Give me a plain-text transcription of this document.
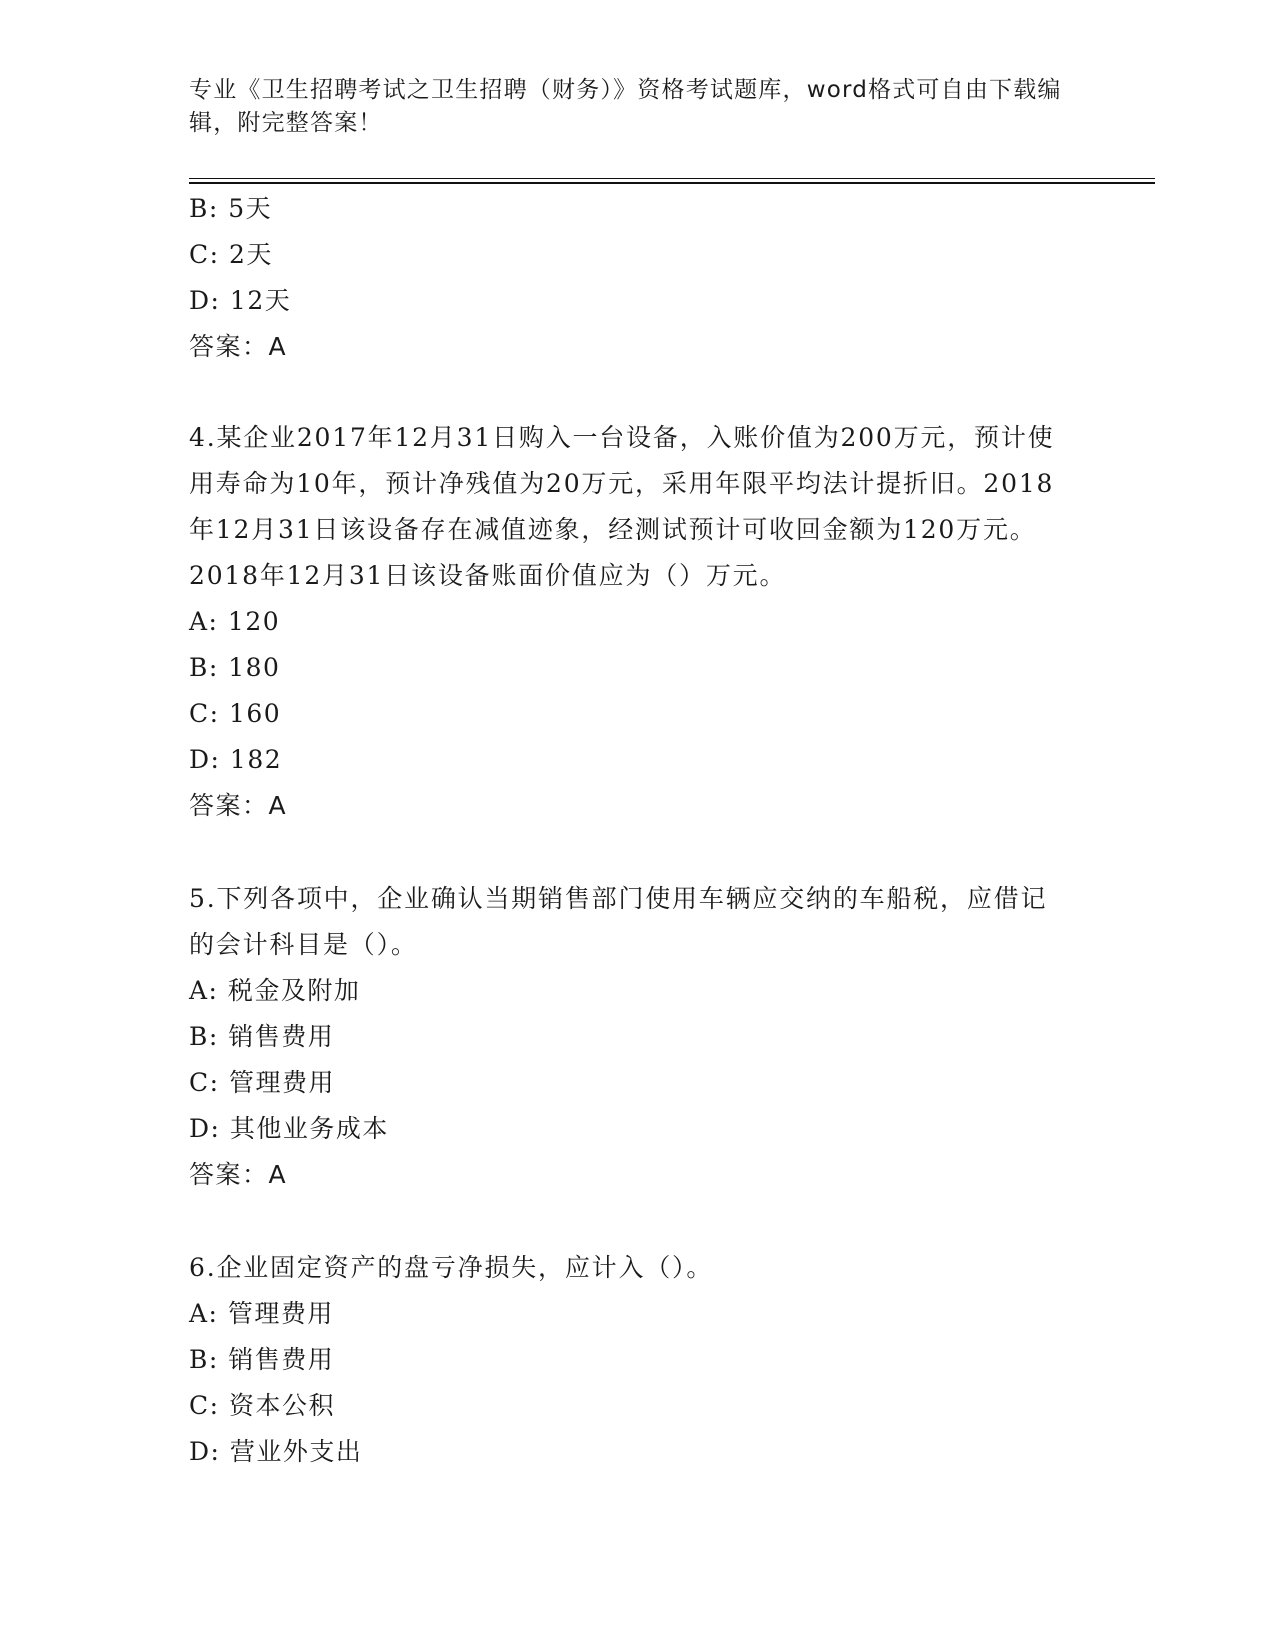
专业《卫生招聘考试之卫生招聘（财务）》资格考试题库，word格式可自由下载编辑，附完整答案！
B: 5天
C: 2天
D: 12天
答案：A
4.某企业2017年12月31日购入一台设备，入账价值为200万元，预计使用寿命为10年，预计净残值为20万元，采用年限平均法计提折旧。2018年12月31日该设备存在减值迹象，经测试预计可收回金额为120万元。2018年12月31日该设备账面价值应为（）万元。
A: 120
B: 180
C: 160
D: 182
答案：A
5.下列各项中，企业确认当期销售部门使用车辆应交纳的车船税，应借记的会计科目是（）。
A: 税金及附加
B: 销售费用
C: 管理费用
D: 其他业务成本
答案：A
6.企业固定资产的盘亏净损失，应计入（）。
A: 管理费用
B: 销售费用
C: 资本公积
D: 营业外支出
